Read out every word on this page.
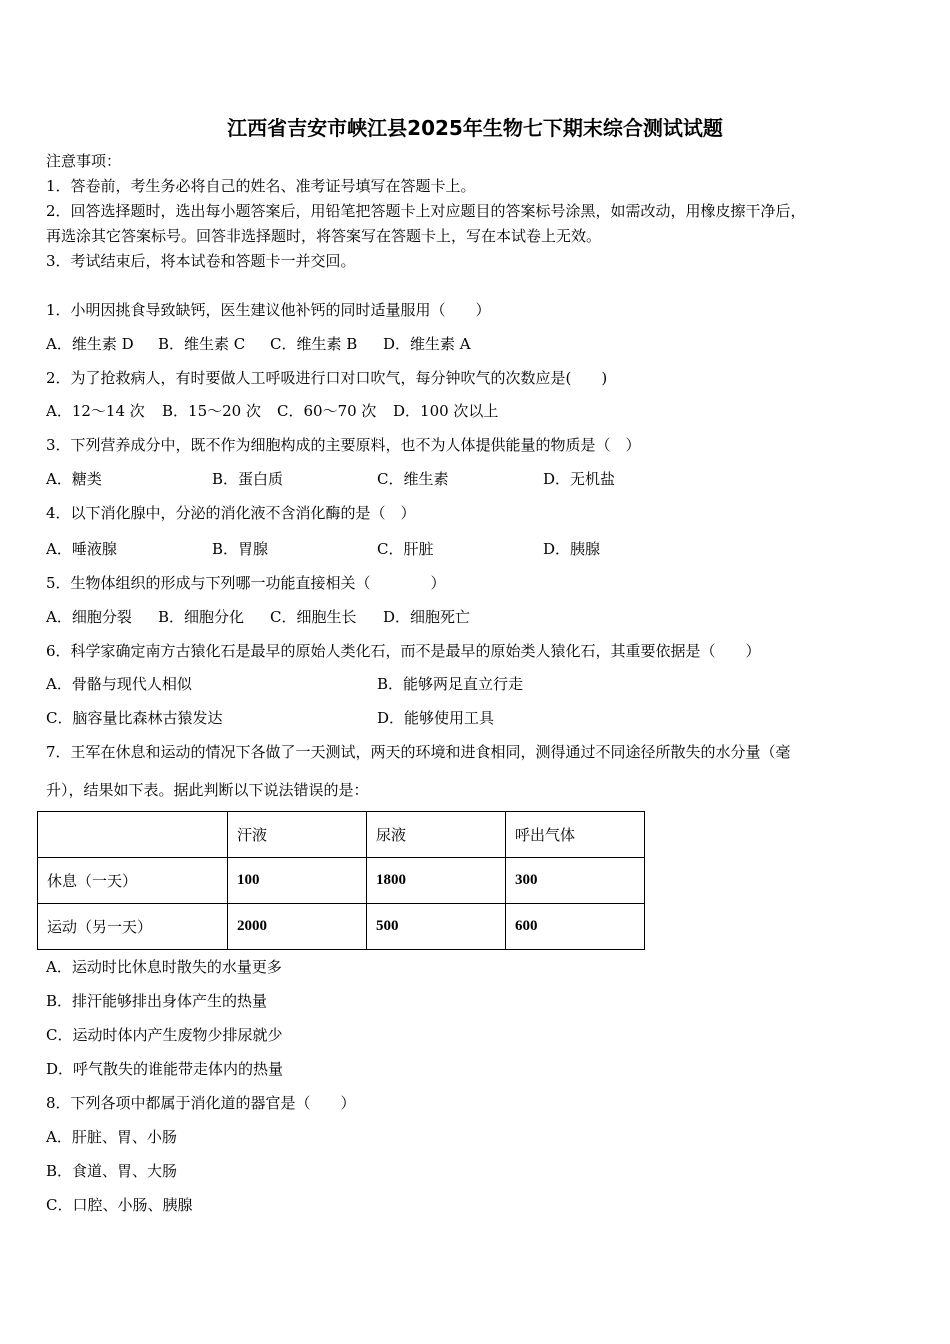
江西省吉安市峡江县2025年生物七下期末综合测试试题
注意事项：
1．答卷前，考生务必将自己的姓名、准考证号填写在答题卡上。
2．回答选择题时，选出每小题答案后，用铅笔把答题卡上对应题目的答案标号涂黑，如需改动，用橡皮擦干净后，
再选涂其它答案标号。回答非选择题时，将答案写在答题卡上，写在本试卷上无效。
3．考试结束后，将本试卷和答题卡一并交回。
1．小明因挑食导致缺钙，医生建议他补钙的同时适量服用（　　）
A．维生素 D B．维生素 C C．维生素 B D．维生素 A
2．为了抢救病人，有时要做人工呼吸进行口对口吹气，每分钟吹气的次数应是(　　)
A．12～14 次 B．15～20 次 C．60～70 次 D．100 次以上
3．下列营养成分中，既不作为细胞构成的主要原料，也不为人体提供能量的物质是（　）
A．糖类	B．蛋白质	C．维生素	D．无机盐
4．以下消化腺中，分泌的消化液不含消化酶的是（　）
A．唾液腺	B．胃腺	C．肝脏	D．胰腺
5．生物体组织的形成与下列哪一功能直接相关（　　　　）
A．细胞分裂 B．细胞分化 C．细胞生长 D．细胞死亡
6．科学家确定南方古猿化石是最早的原始人类化石，而不是最早的原始类人猿化石，其重要依据是（　　）
A．骨骼与现代人相似	B．能够两足直立行走
C．脑容量比森林古猿发达	D．能够使用工具
7．王军在休息和运动的情况下各做了一天测试，两天的环境和进食相同，测得通过不同途径所散失的水分量（毫
升），结果如下表。据此判断以下说法错误的是：
	汗液	尿液	呼出气体
休息（一天）	100	1800	300
运动（另一天）	2000	500	600
A．运动时比休息时散失的水量更多
B．排汗能够排出身体产生的热量
C．运动时体内产生废物少排尿就少
D．呼气散失的谁能带走体内的热量
8．下列各项中都属于消化道的器官是（　　）
A．肝脏、胃、小肠
B．食道、胃、大肠
C．口腔、小肠、胰腺
